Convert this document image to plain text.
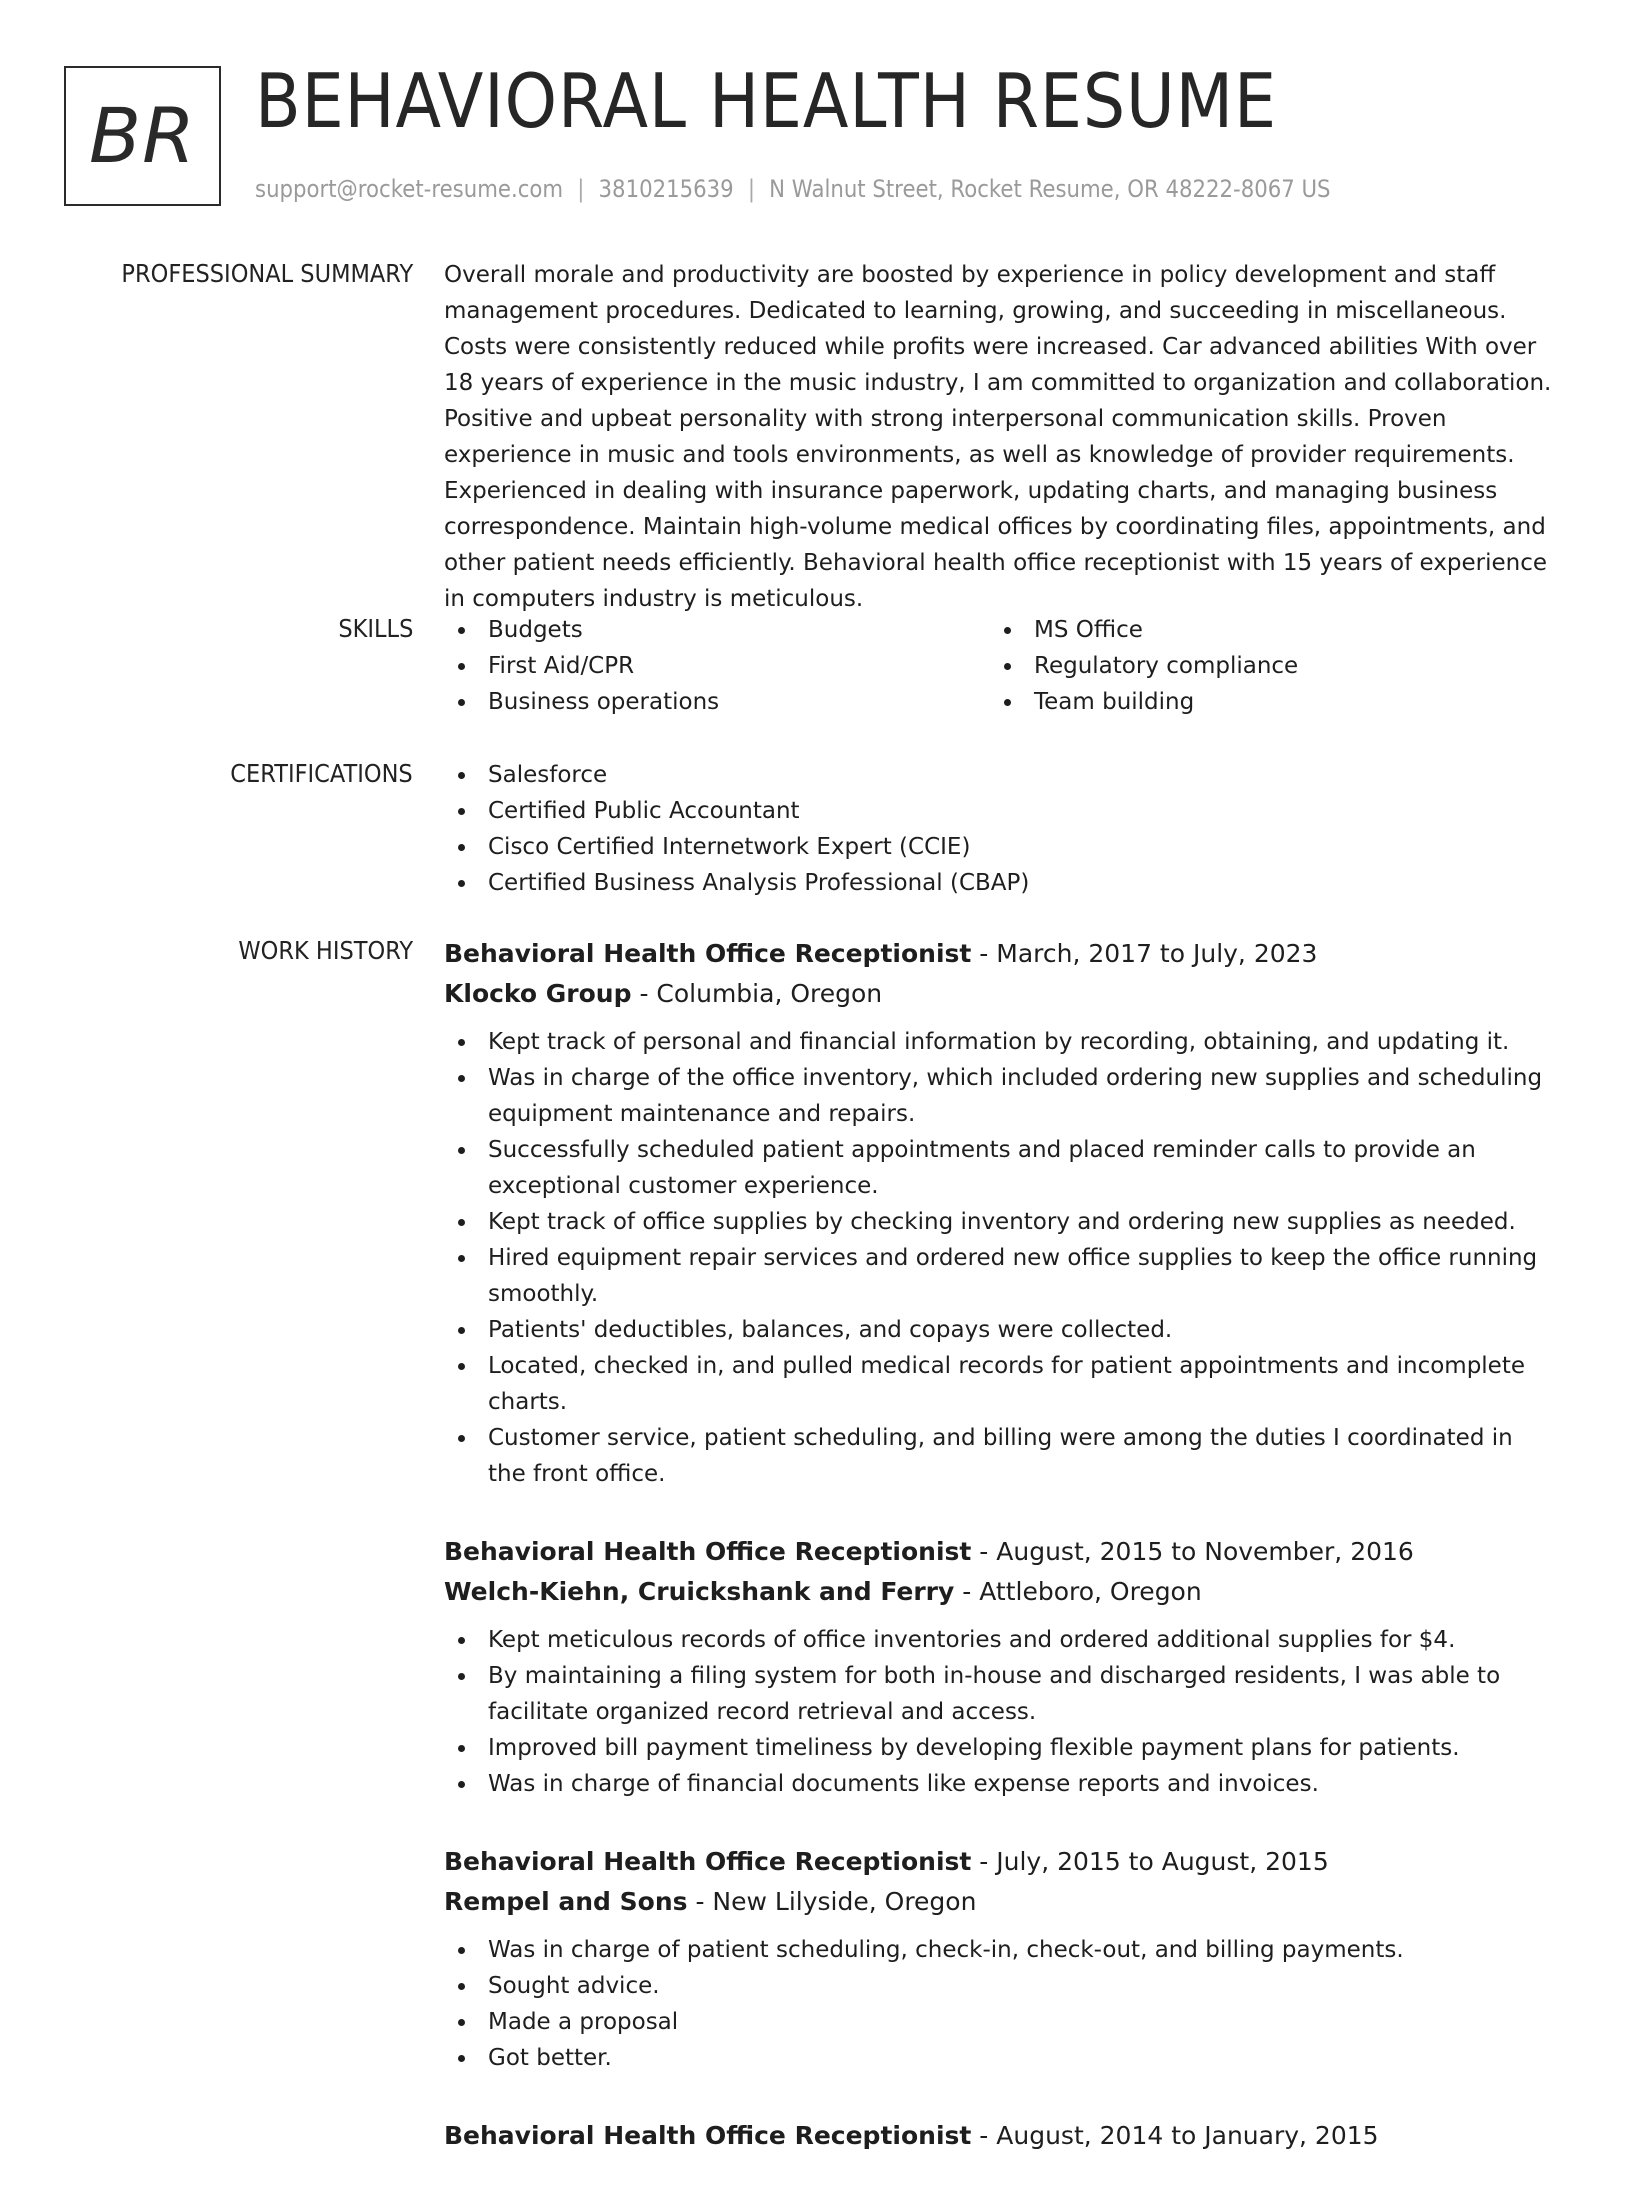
BR BEHAVIORAL HEALTH RESUME
support@rocket-resume.com | 3810215639 | N Walnut Street, Rocket Resume, OR 48222-8067 US
PROFESSIONAL SUMMARY Overall morale and productivity are boosted by experience in policy development and staff management procedures. Dedicated to learning, growing, and succeeding in miscellaneous. Costs were consistently reduced while profits were increased. Car advanced abilities With over 18 years of experience in the music industry, I am committed to organization and collaboration. Positive and upbeat personality with strong interpersonal communication skills. Proven experience in music and tools environments, as well as knowledge of provider requirements. Experienced in dealing with insurance paperwork, updating charts, and managing business correspondence. Maintain high-volume medical offices by coordinating files, appointments, and other patient needs efficiently. Behavioral health office receptionist with 15 years of experience in computers industry is meticulous.

SKILLS	Budgets
First Aid/CPR
Business operations
MS Office
Regulatory compliance
Team building
CERTIFICATIONS	Salesforce
Certified Public Accountant
Cisco Certified Internetwork Expert (CCIE)
Certified Business Analysis Professional (CBAP)
WORK HISTORY Behavioral Health Office Receptionist - March, 2017 to July, 2023
Klocko Group - Columbia, Oregon
Kept track of personal and financial information by recording, obtaining, and updating it.
Was in charge of the office inventory, which included ordering new supplies and scheduling equipment maintenance and repairs.
Successfully scheduled patient appointments and placed reminder calls to provide an exceptional customer experience.
Kept track of office supplies by checking inventory and ordering new supplies as needed.
Hired equipment repair services and ordered new office supplies to keep the office running smoothly.
Patients' deductibles, balances, and copays were collected.
Located, checked in, and pulled medical records for patient appointments and incomplete charts.
Customer service, patient scheduling, and billing were among the duties I coordinated in the front office.
Behavioral Health Office Receptionist - August, 2015 to November, 2016
Welch-Kiehn, Cruickshank and Ferry - Attleboro, Oregon
Kept meticulous records of office inventories and ordered additional supplies for $4.
By maintaining a filing system for both in-house and discharged residents, I was able to facilitate organized record retrieval and access.
Improved bill payment timeliness by developing flexible payment plans for patients.
Was in charge of financial documents like expense reports and invoices.
Behavioral Health Office Receptionist - July, 2015 to August, 2015
Rempel and Sons - New Lilyside, Oregon
Was in charge of patient scheduling, check-in, check-out, and billing payments.
Sought advice.
Made a proposal
Got better.
Behavioral Health Office Receptionist - August, 2014 to January, 2015
